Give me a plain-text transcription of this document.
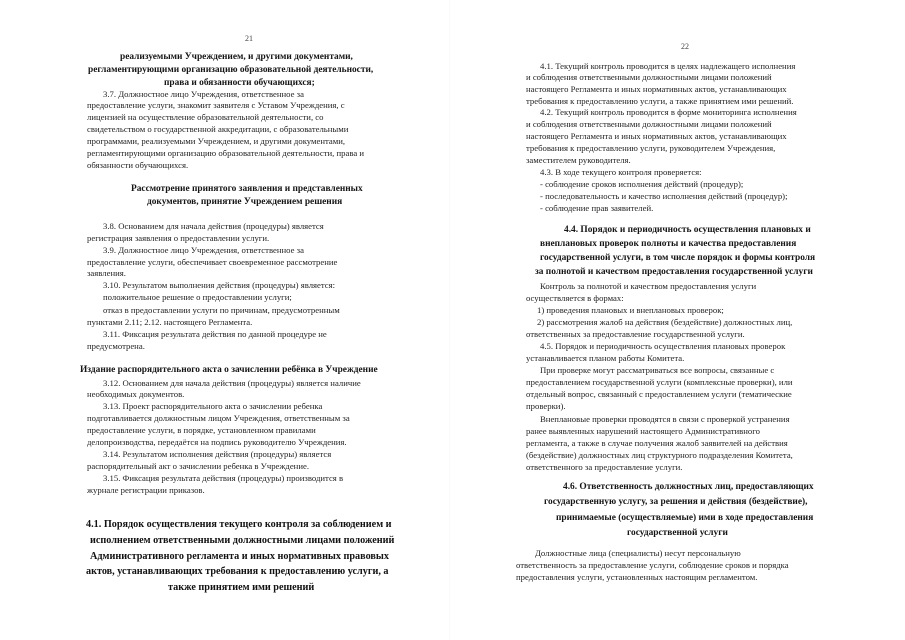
21

22

реализуемыми Учреждением, и другими документами,

регламентирующими организацию образовательной деятельности,

права и обязанности обучающихся;

3.7. Должностное лицо Учреждения, ответственное за

предоставление услуги, знакомит заявителя с Уставом Учреждения, с

лицензией на осуществление образовательной деятельности, со

свидетельством о государственной аккредитации, с образовательными

программами, реализуемыми Учреждением, и другими документами,

регламентирующими организацию образовательной деятельности, права и

обязанности обучающихся.

Рассмотрение принятого заявления и представленных

документов, принятие Учреждением решения

3.8. Основанием для начала действия (процедуры) является

регистрация заявления о предоставлении услуги.

3.9. Должностное лицо Учреждения, ответственное за

предоставление услуги, обеспечивает своевременное рассмотрение

заявления.

3.10. Результатом выполнения действия (процедуры) является:

положительное решение о предоставлении услуги;

отказ в предоставлении услуги по причинам, предусмотренным

пунктами 2.11; 2.12. настоящего Регламента.

3.11. Фиксация результата действия по данной процедуре не

предусмотрена.

Издание распорядительного акта о зачислении ребёнка в Учреждение

3.12. Основанием для начала действия (процедуры) является наличие

необходимых документов.

3.13. Проект распорядительного акта о зачислении ребенка

подготавливается должностным лицом Учреждения, ответственным за

предоставление услуги, в порядке, установленном правилами

делопроизводства, передаётся на подпись руководителю Учреждения.

3.14. Результатом исполнения действия (процедуры) является

распорядительный акт о зачислении ребенка в Учреждение.

3.15. Фиксация результата действия (процедуры) производится в

журнале регистрации приказов.

4.1. Порядок осуществления текущего контроля за соблюдением и

исполнением ответственными должностными лицами положений

Административного регламента и иных нормативных правовых

актов, устанавливающих требования к предоставлению услуги, а

также принятием ими решений

4.1. Текущий контроль проводится в целях надлежащего исполнения

и соблюдения ответственными должностными лицами положений

настоящего Регламента и иных нормативных актов, устанавливающих

требования к предоставлению услуги, а также принятием ими решений.

4.2. Текущий контроль проводится в форме мониторинга исполнения

и соблюдения ответственными должностными лицами положений

настоящего Регламента и иных нормативных актов, устанавливающих

требования к предоставлению услуги, руководителем Учреждения,

заместителем руководителя.

4.3. В ходе текущего контроля проверяется:

- соблюдение сроков исполнения действий (процедур);

- последовательность и качество исполнения действий (процедур);

- соблюдение прав заявителей.

4.4. Порядок и периодичность осуществления плановых и

внеплановых проверок полноты и качества предоставления

государственной услуги, в том числе порядок и формы контроля

за полнотой и качеством предоставления государственной услуги

Контроль за полнотой и качеством предоставления услуги

осуществляется в формах:

1) проведения плановых и внеплановых проверок;

2) рассмотрения жалоб на действия (бездействие) должностных лиц,

ответственных за предоставление государственной услуги.

4.5. Порядок и периодичность осуществления плановых проверок

устанавливается планом работы Комитета.

При проверке могут рассматриваться все вопросы, связанные с

предоставлением государственной услуги (комплексные проверки), или

отдельный вопрос, связанный с предоставлением услуги (тематические

проверки).

Внеплановые проверки проводятся в связи с проверкой устранения

ранее выявленных нарушений настоящего Административного

регламента, а также в случае получения жалоб заявителей на действия

(бездействие) должностных лиц структурного подразделения Комитета,

ответственного за предоставление услуги.

4.6. Ответственность должностных лиц, предоставляющих

государственную услугу, за решения и действия (бездействие),

принимаемые (осуществляемые) ими в ходе предоставления

государственной услуги

Должностные лица (специалисты) несут персональную

ответственность за предоставление услуги, соблюдение сроков и порядка

предоставления услуги, установленных настоящим регламентом.
